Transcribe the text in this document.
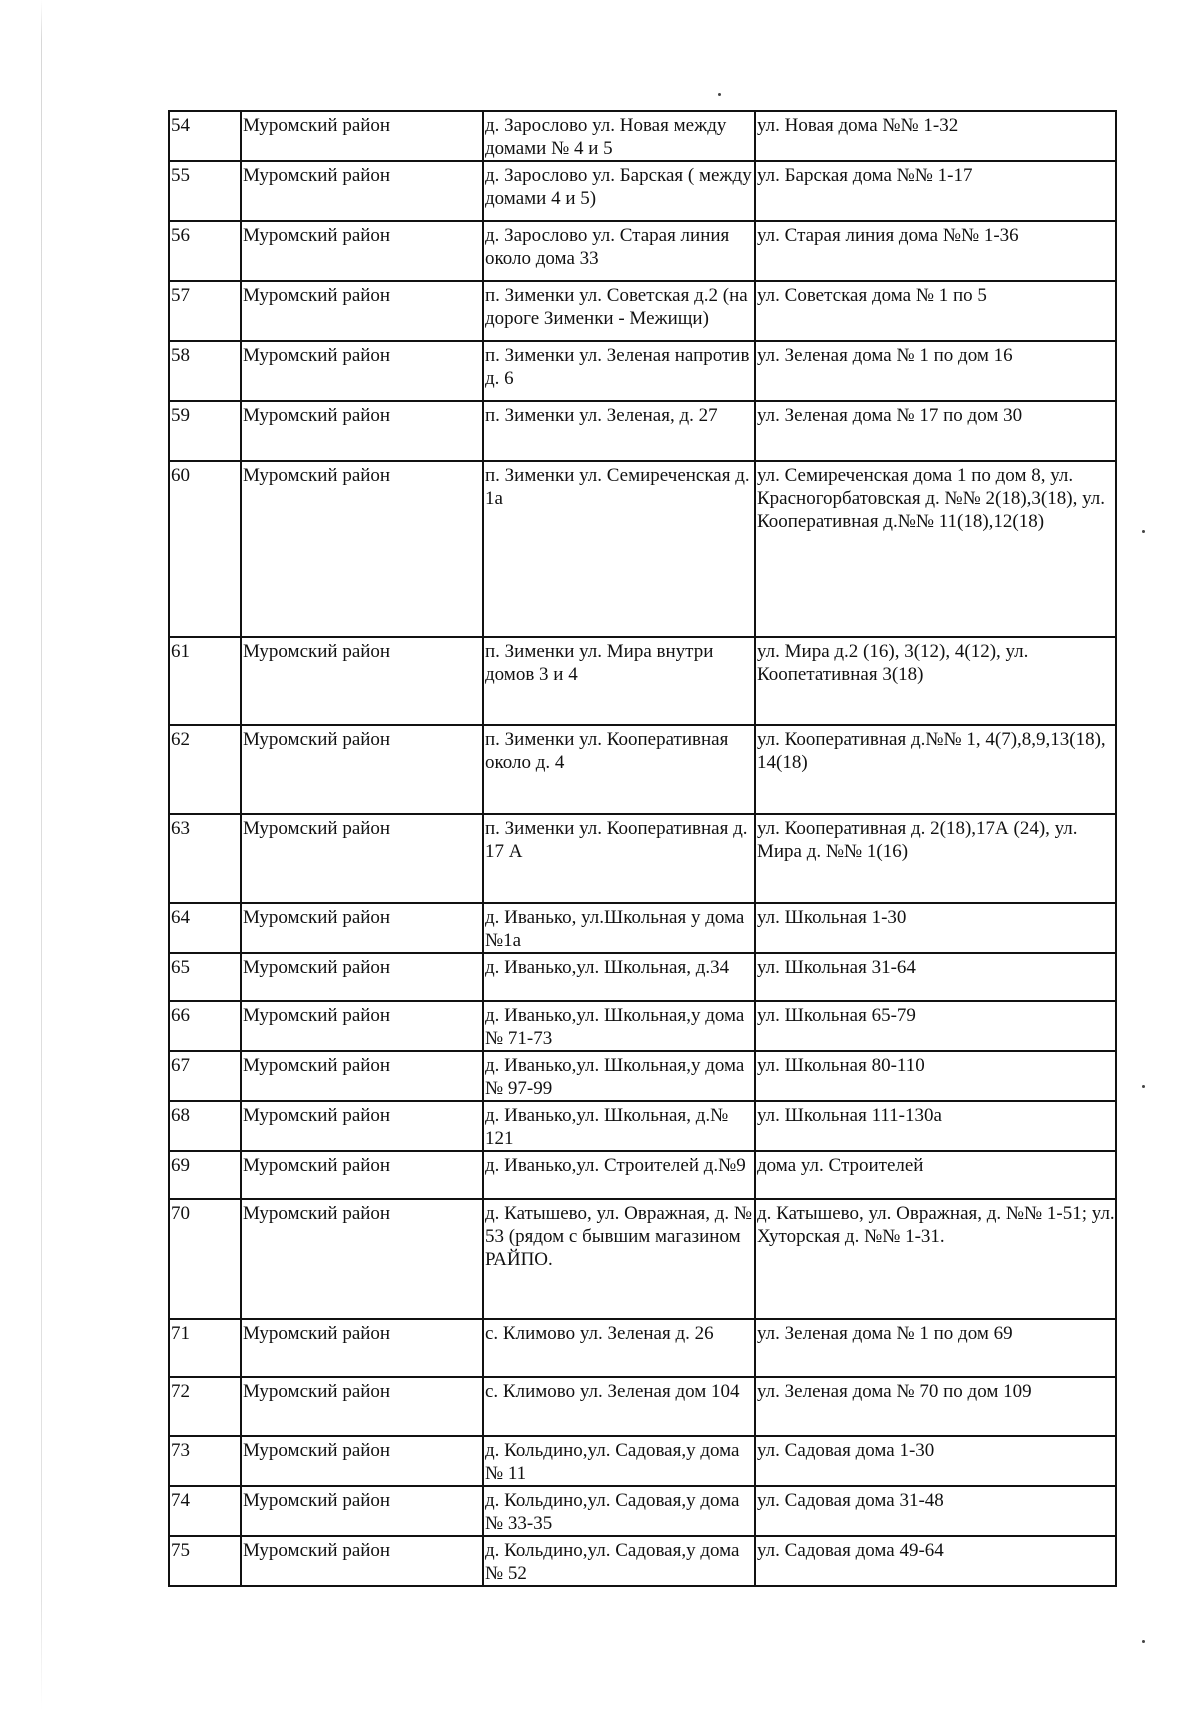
54	Муромский район	д. Зарослово ул. Новая между домами № 4 и 5	ул. Новая дома №№ 1-32
55	Муромский район	д. Зарослово ул. Барская ( между домами 4 и 5)	ул. Барская дома №№ 1-17
56	Муромский район	д. Зарослово ул. Старая линия около дома 33	ул. Старая линия дома №№ 1-36
57	Муромский район	п. Зименки ул. Советская д.2 (на дороге Зименки - Межищи)	ул. Советская дома № 1 по 5
58	Муромский район	п. Зименки ул. Зеленая напротив д. 6	ул. Зеленая дома № 1 по дом 16
59	Муромский район	п. Зименки ул. Зеленая, д. 27	ул. Зеленая дома № 17 по дом 30
60	Муромский район	п. Зименки ул. Семиреченская д. 1а	ул. Семиреченская дома 1 по дом 8, ул. Красногорбатовская д. №№ 2(18),3(18), ул. Кооперативная д.№№ 11(18),12(18)
61	Муромский район	п. Зименки ул. Мира внутри домов 3 и 4	ул. Мира д.2 (16), 3(12), 4(12), ул. Коопетативная 3(18)
62	Муромский район	п. Зименки ул. Кооперативная около д. 4	ул. Кооперативная д.№№ 1, 4(7),8,9,13(18), 14(18)
63	Муромский район	п. Зименки ул. Кооперативная д. 17 А	ул. Кооперативная д. 2(18),17А (24), ул. Мира д. №№ 1(16)
64	Муромский район	д. Иванько, ул.Школьная у дома №1а	ул. Школьная 1-30
65	Муромский район	д. Иванько,ул. Школьная, д.34	ул. Школьная 31-64
66	Муромский район	д. Иванько,ул. Школьная,у дома № 71-73	ул. Школьная 65-79
67	Муромский район	д. Иванько,ул. Школьная,у дома № 97-99	ул. Школьная 80-110
68	Муромский район	д. Иванько,ул. Школьная, д.№ 121	ул. Школьная 111-130а
69	Муромский район	д. Иванько,ул. Строителей д.№9	дома ул. Строителей
70	Муромский район	д. Катышево, ул. Овражная, д. № 53 (рядом с бывшим магазином РАЙПО.	д. Катышево, ул. Овражная, д. №№ 1-51; ул. Хуторская д. №№ 1-31.
71	Муромский район	с. Климово ул. Зеленая д. 26	ул. Зеленая дома № 1 по дом 69
72	Муромский район	с. Климово ул. Зеленая дом 104	ул. Зеленая дома № 70 по дом 109
73	Муромский район	д. Кольдино,ул. Садовая,у дома № 11	ул. Садовая дома 1-30
74	Муромский район	д. Кольдино,ул. Садовая,у дома № 33-35	ул. Садовая дома 31-48
75	Муромский район	д. Кольдино,ул. Садовая,у дома № 52	ул. Садовая дома 49-64
